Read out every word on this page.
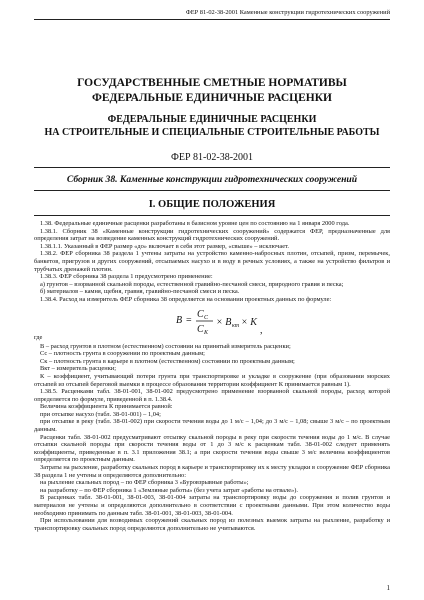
ФЕР 81-02-38-2001 Каменные конструкции гидротехнических сооружений
ГОСУДАРСТВЕННЫЕ СМЕТНЫЕ НОРМАТИВЫ
ФЕДЕРАЛЬНЫЕ ЕДИНИЧНЫЕ РАСЦЕНКИ
ФЕДЕРАЛЬНЫЕ ЕДИНИЧНЫЕ РАСЦЕНКИ
НА СТРОИТЕЛЬНЫЕ И СПЕЦИАЛЬНЫЕ СТРОИТЕЛЬНЫЕ РАБОТЫ
ФЕР 81-02-38-2001
Сборник 38. Каменные конструкции гидротехнических сооружений
I. ОБЩИЕ ПОЛОЖЕНИЯ

1.38. Федеральные единичные расценки разработаны в базисном уровне цен по состоянию на 1 января 2000 года.

1.38.1. Сборник 38 «Каменные конструкции гидротехнических сооружений» содержатся ФЕР, предназначенные для определения затрат на возведение каменных конструкций гидротехнических сооружений.

1.38.1.1. Указанный в ФЕР размер «до» включает в себя этот размер, «свыше» – исключает.

1.38.2. ФЕР сборника 38 раздела 1 учтены затраты на устройство каменно-набросных плотин, отсыпей, призм, перемычек, банкетов, пригрузов и других сооружений, отсыпаемых насухо и в воду в речных условиях, а также на устройство фильтров и трубчатых дренажей плотин.

1.38.3. ФЕР сборника 38 раздела 1 предусмотрено применение:

а) грунтов – взорванной скальной породы, естественной гравийно-песчаной смеси, природного гравия и песка;

б) материалов – камня, щебня, гравия, гравийно-песчаной смеси и песка.

1.38.4. Расход на измеритель ФЕР сборника 38 определяется на основании проектных данных по формуле:

В =
С С
С К
× В кт × К
,
где

В – расход грунтов в плотном (естественном) состоянии на принятый измеритель расценки;

Сс – плотность грунта в сооружении по проектным данным;

Ск – плотность грунта в карьере в плотном (естественном) состоянии по проектным данным;

Вкт – измеритель расценки;

К – коэффициент, учитывающий потери грунта при транспортировке и укладке в сооружение (при образовании морских отсыпей из отсыпей береговой выемки в процессе образования территории коэффициент К принимается равным 1).

1.38.5. Расценками табл. 38-01-001, 38-01-002 предусмотрено применение взорванной скальной породы, расход которой определяется по формуле, приведенной в п. 1.38.4.

Величина коэффициента К принимается равной:

при отсыпке насухо (табл. 38-01-001) – 1,04;

при отсыпке в реку (табл. 38-01-002) при скорости течения воды до 1 м/с – 1,04; до 3 м/с – 1,08; свыше 3 м/с – по проектным данным.

Расценки табл. 38-01-002 предусматривают отсыпку скальной породы в реку при скорости течения воды до 1 м/с. В случае отсыпки скальной породы при скорости течения воды от 1 до 3 м/с к расценкам табл. 38-01-002 следует применять коэффициенты, приведенные в п. 3.1 приложения 38.1; а при скорости течения воды свыше 3 м/с величина коэффициентов определяется по проектным данным.

Затраты на рыхление, разработку скальных пород в карьере и транспортировку их к месту укладки в сооружение ФЕР сборника 38 раздела 1 не учтены и определяются дополнительно:

на рыхление скальных пород – по ФЕР сборника 3 «Буровзрывные работы»;

на разработку – по ФЕР сборника 1 «Земляные работы» (без учета затрат «работы на отвале»).

В расценках табл. 38-01-001, 38-01-003, 38-01-004 затраты на транспортировку воды до сооружения и полив грунтов и материалов не учтены и определяются дополнительно в соответствии с проектными данными. При этом количество воды необходимо принимать по данным табл. 38-01-001, 38-01-003, 38-01-004.

При использовании для возводимых сооружений скальных пород из полезных выемок затраты на рыхление, разработку и транспортировку скальных пород определяются дополнительно не учитываются.

1
